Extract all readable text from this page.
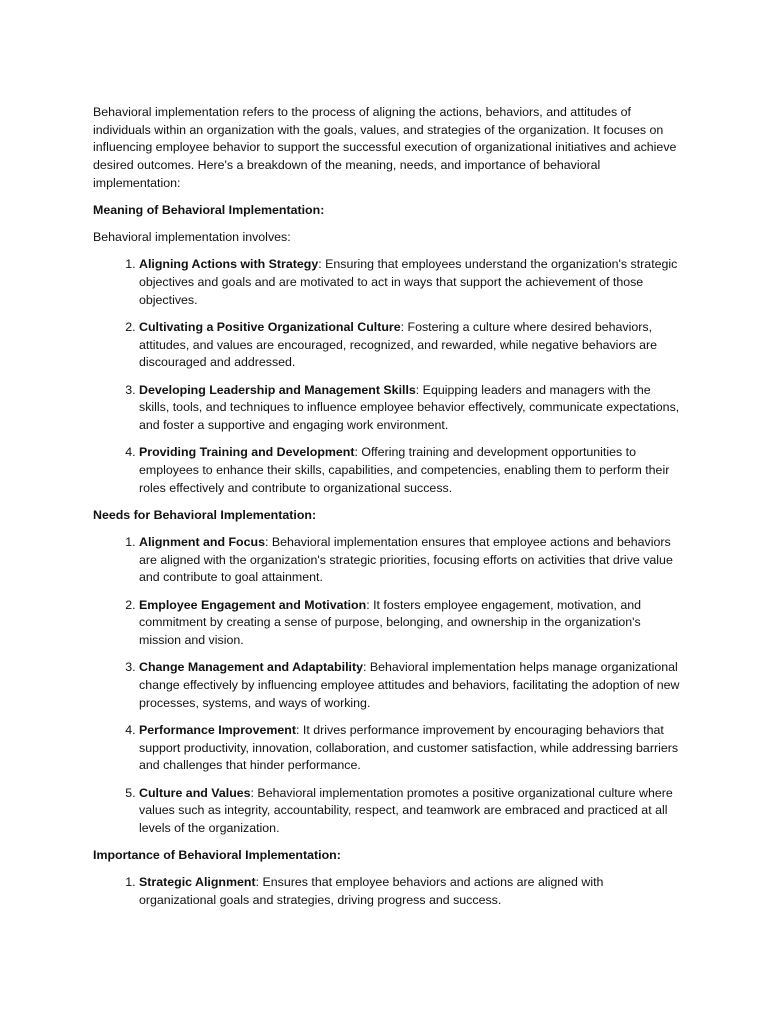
Behavioral implementation refers to the process of aligning the actions, behaviors, and attitudes of individuals within an organization with the goals, values, and strategies of the organization. It focuses on influencing employee behavior to support the successful execution of organizational initiatives and achieve desired outcomes. Here's a breakdown of the meaning, needs, and importance of behavioral implementation:

Meaning of Behavioral Implementation:

Behavioral implementation involves:

1. Aligning Actions with Strategy: Ensuring that employees understand the organization's strategic objectives and goals and are motivated to act in ways that support the achievement of those objectives.
2. Cultivating a Positive Organizational Culture: Fostering a culture where desired behaviors, attitudes, and values are encouraged, recognized, and rewarded, while negative behaviors are discouraged and addressed.
3. Developing Leadership and Management Skills: Equipping leaders and managers with the skills, tools, and techniques to influence employee behavior effectively, communicate expectations, and foster a supportive and engaging work environment.
4. Providing Training and Development: Offering training and development opportunities to employees to enhance their skills, capabilities, and competencies, enabling them to perform their roles effectively and contribute to organizational success.

Needs for Behavioral Implementation:

1. Alignment and Focus: Behavioral implementation ensures that employee actions and behaviors are aligned with the organization's strategic priorities, focusing efforts on activities that drive value and contribute to goal attainment.
2. Employee Engagement and Motivation: It fosters employee engagement, motivation, and commitment by creating a sense of purpose, belonging, and ownership in the organization's mission and vision.
3. Change Management and Adaptability: Behavioral implementation helps manage organizational change effectively by influencing employee attitudes and behaviors, facilitating the adoption of new processes, systems, and ways of working.
4. Performance Improvement: It drives performance improvement by encouraging behaviors that support productivity, innovation, collaboration, and customer satisfaction, while addressing barriers and challenges that hinder performance.
5. Culture and Values: Behavioral implementation promotes a positive organizational culture where values such as integrity, accountability, respect, and teamwork are embraced and practiced at all levels of the organization.

Importance of Behavioral Implementation:

1. Strategic Alignment: Ensures that employee behaviors and actions are aligned with organizational goals and strategies, driving progress and success.
